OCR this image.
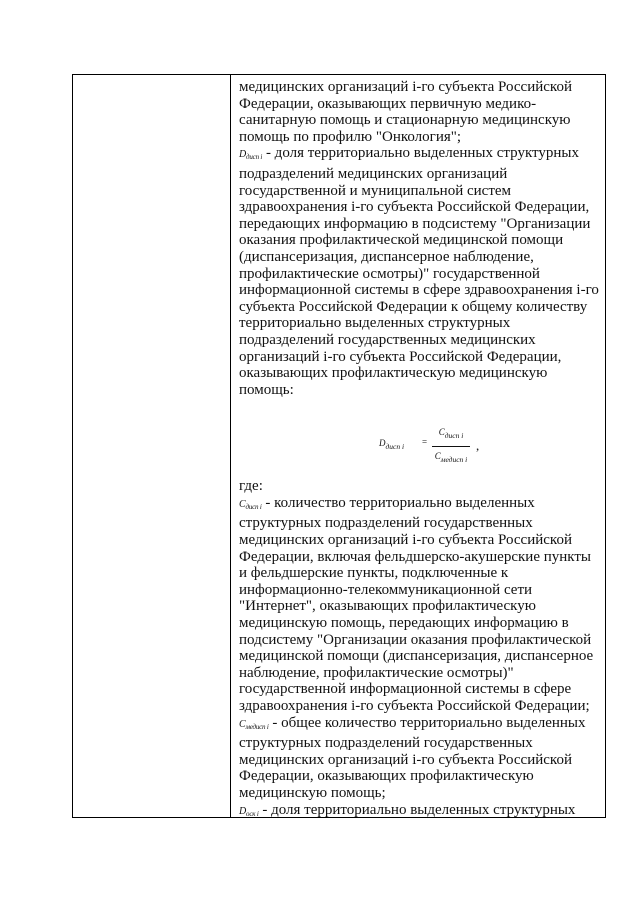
медицинских организаций i-го субъекта Российской Федерации, оказывающих первичную медико-санитарную помощь и стационарную медицинскую помощь по профилю "Онкология";

$D_{дисп i}$ - доля территориально выделенных структурных подразделений медицинских организаций государственной и муниципальной систем здравоохранения i-го субъекта Российской Федерации, передающих информацию в подсистему "Организации оказания профилактической медицинской помощи (диспансеризация, диспансерное наблюдение, профилактические осмотры)" государственной информационной системы в сфере здравоохранения i-го субъекта Российской Федерации к общему количеству территориально выделенных структурных подразделений государственных медицинских организаций i-го субъекта Российской Федерации, оказывающих профилактическую медицинскую помощь:

$D_{дисп i}$ =
$C_{дисп i}$
$C_{медисп i}$
,

где:

$C_{дисп i}$ - количество территориально выделенных структурных подразделений государственных медицинских организаций i-го субъекта Российской Федерации, включая фельдшерско-акушерские пункты и фельдшерские пункты, подключенные к информационно-телекоммуникационной сети "Интернет", оказывающих профилактическую медицинскую помощь, передающих информацию в подсистему "Организации оказания профилактической медицинской помощи (диспансеризация, диспансерное наблюдение, профилактические осмотры)" государственной информационной системы в сфере здравоохранения i-го субъекта Российской Федерации;

$C_{медисп i}$ - общее количество территориально выделенных структурных подразделений государственных медицинских организаций i-го субъекта Российской Федерации, оказывающих профилактическую медицинскую помощь;

$D_{оск i}$ - доля территориально выделенных структурных
